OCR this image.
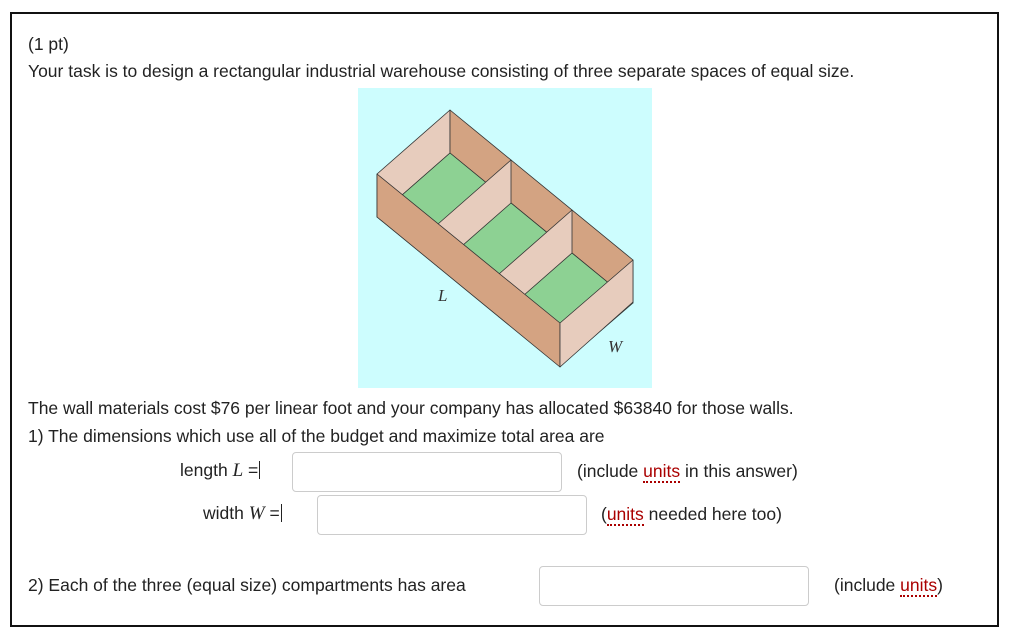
(1 pt)
Your task is to design a rectangular industrial warehouse consisting of three separate spaces of equal size.
L
W
The wall materials cost $76 per linear foot and your company has allocated $63840 for those walls.
1) The dimensions which use all of the budget and maximize total area are
length L =	(include units in this answer)
width W =	(units needed here too)
2) Each of the three (equal size) compartments has area	(include units)
